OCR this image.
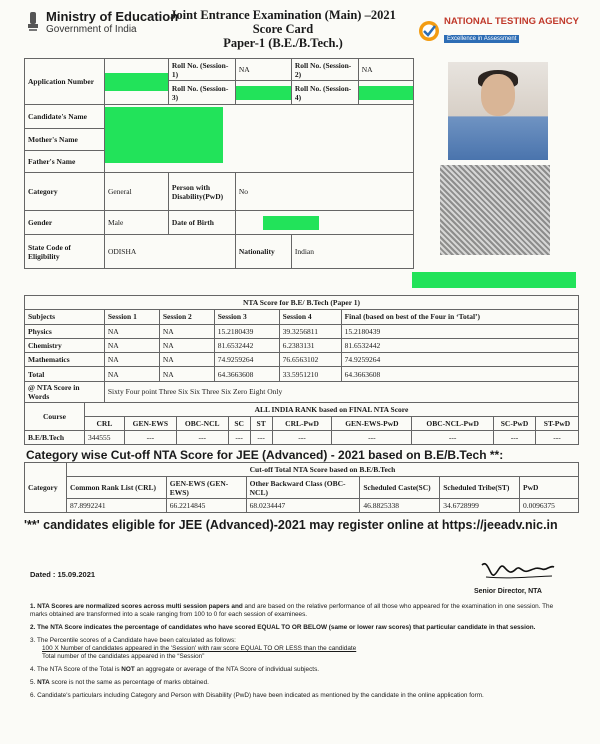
Ministry of Education
Government of India
Joint Entrance Examination (Main) –2021
Score Card
Paper-1 (B.E./B.Tech.)
NATIONAL TESTING AGENCY
Excellence in Assessment
Application Number		Roll No. (Session-1)	NA	Roll No. (Session-2)	NA	
		Roll No. (Session-3)		Roll No. (Session-4)		

Candidate's Name						

Mother's Name						
Father's Name						
Category	General	Person with Disability(PwD)	No			
Gender	Male	Date of Birth				

State Code of Eligibility	ODISHA		Nationality	Indian		
NTA Score for B.E/ B.Tech (Paper 1)					
Subjects	Session 1	Session 2	Session 3	Session 4	Final (based on best of the Four in ‘Total’)
Physics	NA	NA	15.2180439	39.3256811	15.2180439
Chemistry	NA	NA	81.6532442	6.2383131	81.6532442
Mathematics	NA	NA	74.9259264	76.6563102	74.9259264
Total	NA	NA	64.3663608	33.5951210	64.3663608
@ NTA Score in Words	Sixty Four point Three Six Six Three Six Zero Eight Only				
Course	ALL INDIA RANK based on FINAL NTA Score									
	CRL	GEN-EWS	OBC-NCL	SC	ST	CRL-PwD	GEN-EWS-PwD	OBC-NCL-PwD	SC-PwD	ST-PwD
B.E/B.Tech	344555	---	---	---	---	---	---	---	---	---
Category wise Cut-off NTA Score for JEE (Advanced) - 2021 based on B.E/B.Tech **:
Category	Cut-off Total NTA Score based on B.E/B.Tech					
	Common Rank List (CRL)	GEN-EWS (GEN-EWS)	Other Backward Class (OBC-NCL)	Scheduled Caste(SC)	Scheduled Tribe(ST)	PwD
	87.8992241	66.2214845	68.0234447	46.8825338	34.6728999	0.0096375
'**' candidates eligible for JEE (Advanced)-2021 may register online at https://jeeadv.nic.in
Dated : 15.09.2021
Senior Director, NTA

1. NTA Scores are normalized scores across multi session papers and and are based on the relative performance of all those who appeared for the examination in one session. The marks obtained are transformed into a scale ranging from 100 to 0 for each session of examinees.

2. The NTA Score indicates the percentage of candidates who have scored EQUAL TO OR BELOW (same or lower raw scores) that particular candidate in that session.

3. The Percentile scores of a Candidate have been calculated as follows:
100 X Number of candidates appeared in the 'Session' with raw score EQUAL TO OR LESS than the candidate
Total number of the candidates appeared in the “Session”

4. The NTA Score of the Total is NOT an aggregate or average of the NTA Score of individual subjects.

5. NTA score is not the same as percentage of marks obtained.

6. Candidate's particulars including Category and Person with Disability (PwD) have been indicated as mentioned by the candidate in the online application form.
